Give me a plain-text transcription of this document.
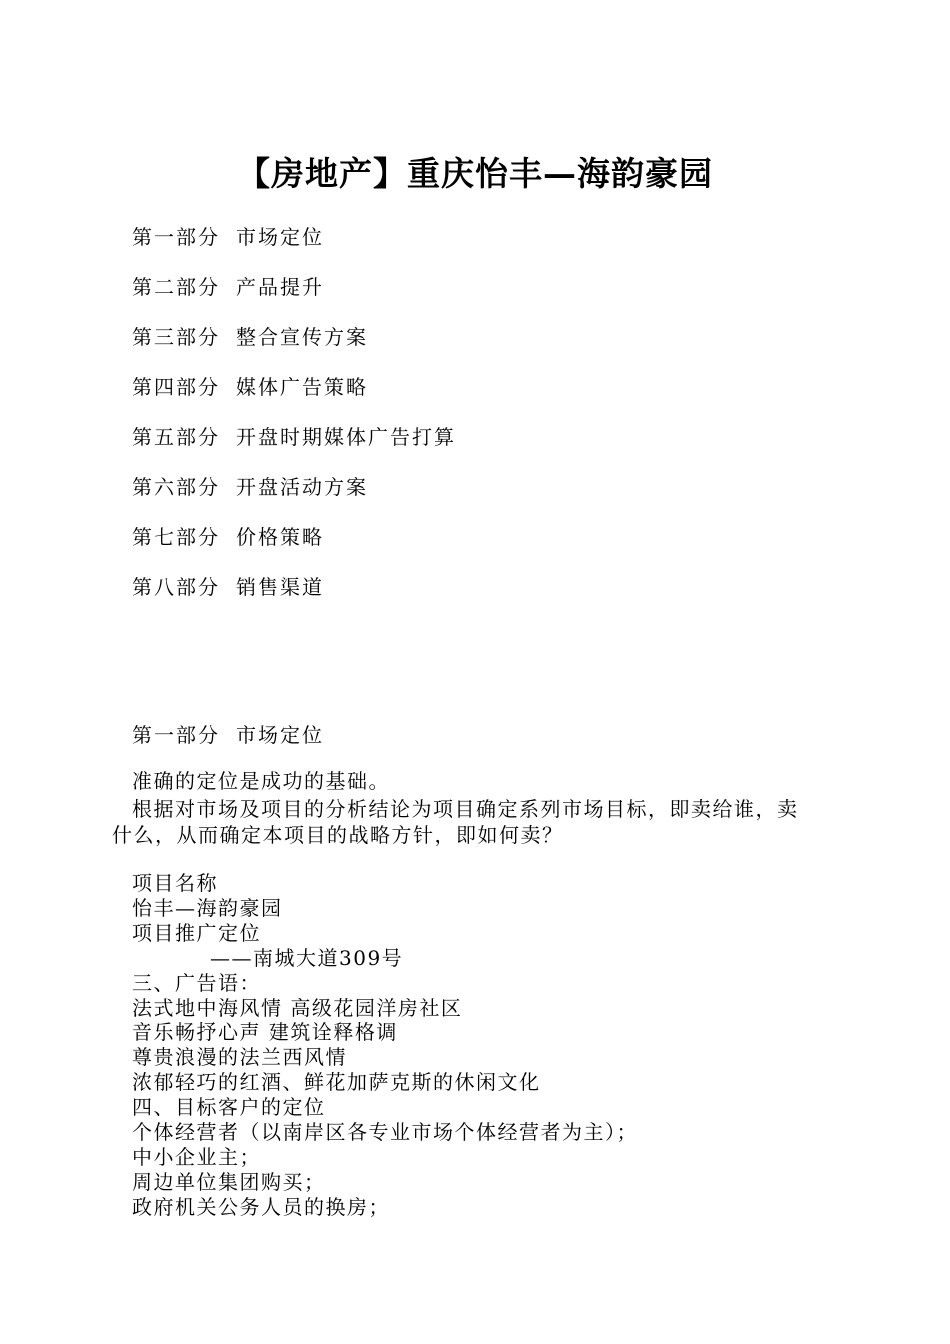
【房地产】重庆怡丰—海韵豪园
第一部分 市场定位
第二部分 产品提升
第三部分 整合宣传方案
第四部分 媒体广告策略
第五部分 开盘时期媒体广告打算
第六部分 开盘活动方案
第七部分 价格策略
第八部分 销售渠道
第一部分 市场定位
准确的定位是成功的基础。
根据对市场及项目的分析结论为项目确定系列市场目标，即卖给谁，卖
什么，从而确定本项目的战略方针，即如何卖？
项目名称
怡丰—海韵豪园
项目推广定位
——南城大道309号
三、广告语：
法式地中海风情 高级花园洋房社区
音乐畅抒心声 建筑诠释格调
尊贵浪漫的法兰西风情
浓郁轻巧的红酒、鲜花加萨克斯的休闲文化
四、目标客户的定位
个体经营者（以南岸区各专业市场个体经营者为主）；
中小企业主；
周边单位集团购买；
政府机关公务人员的换房；
